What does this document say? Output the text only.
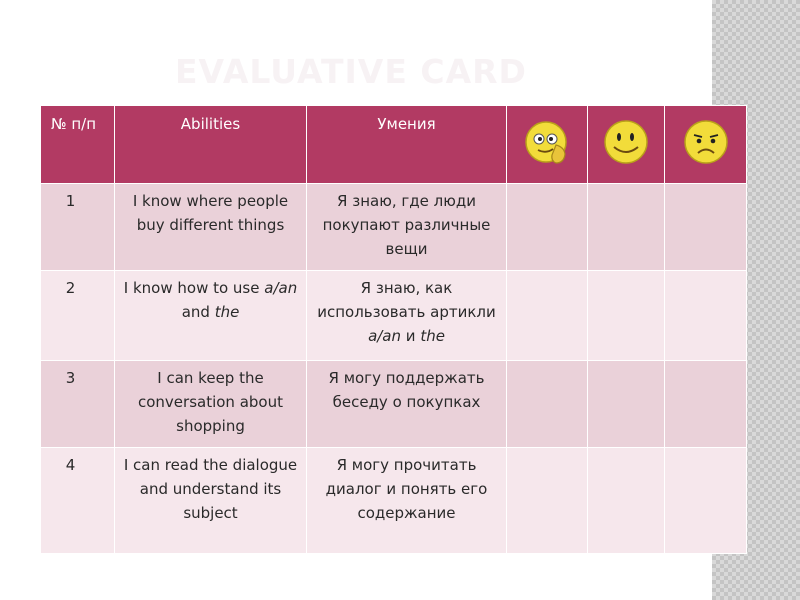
EVALUATIVE CARD
№ п/п	Abilities	Умения	

1	I know where people buy different things	Я знаю, где люди покупают различные вещи			
2	I know how to use a/an and the	Я знаю, как использовать артикли a/an и the			
3	I can keep the conversation about shopping	Я могу поддержать беседу о покупках			
4	I can read the dialogue and understand its subject	Я могу прочитать диалог и понять его содержание			
